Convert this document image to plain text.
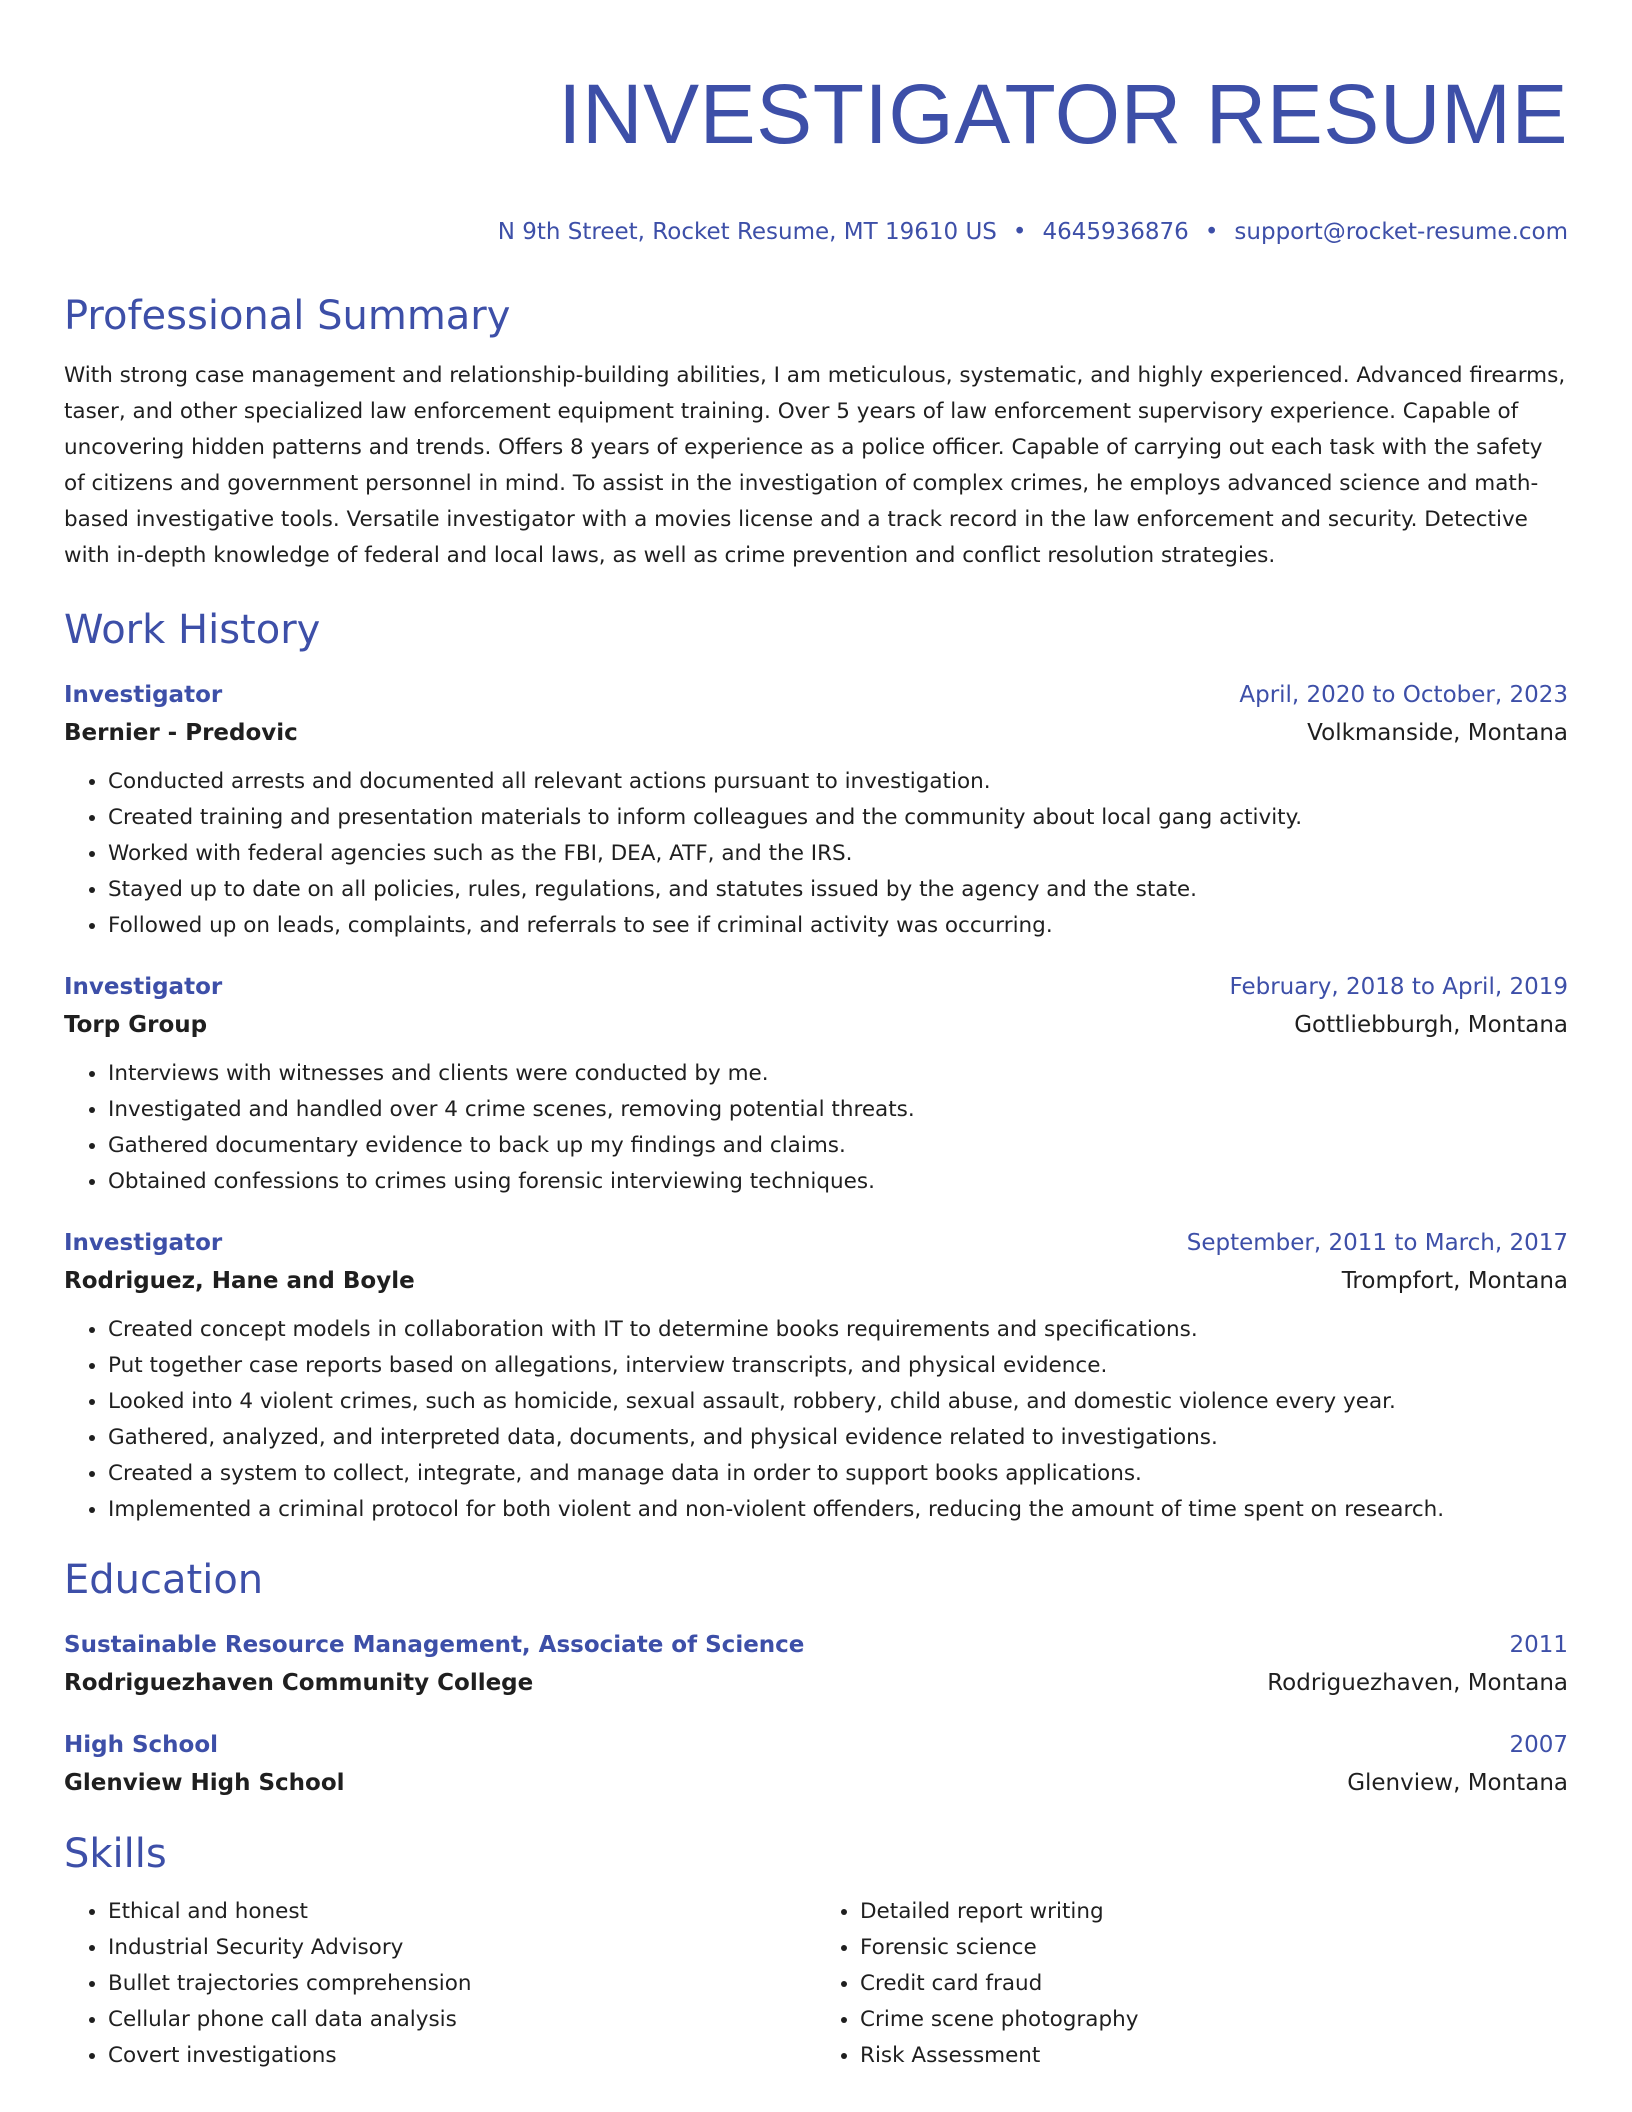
INVESTIGATOR RESUME
N 9th Street, Rocket Resume, MT 19610 US • 4645936876 • support@rocket-resume.com
Professional Summary
With strong case management and relationship-building abilities, I am meticulous, systematic, and highly experienced. Advanced firearms, taser, and other specialized law enforcement equipment training. Over 5 years of law enforcement supervisory experience. Capable of uncovering hidden patterns and trends. Offers 8 years of experience as a police officer. Capable of carrying out each task with the safety of citizens and government personnel in mind. To assist in the investigation of complex crimes, he employs advanced science and math-based investigative tools. Versatile investigator with a movies license and a track record in the law enforcement and security. Detective with in-depth knowledge of federal and local laws, as well as crime prevention and conflict resolution strategies.
Work History
Investigator	April, 2020 to October, 2023
Bernier - Predovic	Volkmanside, Montana
• Conducted arrests and documented all relevant actions pursuant to investigation.
• Created training and presentation materials to inform colleagues and the community about local gang activity.
• Worked with federal agencies such as the FBI, DEA, ATF, and the IRS.
• Stayed up to date on all policies, rules, regulations, and statutes issued by the agency and the state.
• Followed up on leads, complaints, and referrals to see if criminal activity was occurring.
Investigator	February, 2018 to April, 2019
Torp Group	Gottliebburgh, Montana
• Interviews with witnesses and clients were conducted by me.
• Investigated and handled over 4 crime scenes, removing potential threats.
• Gathered documentary evidence to back up my findings and claims.
• Obtained confessions to crimes using forensic interviewing techniques.
Investigator	September, 2011 to March, 2017
Rodriguez, Hane and Boyle	Trompfort, Montana
• Created concept models in collaboration with IT to determine books requirements and specifications.
• Put together case reports based on allegations, interview transcripts, and physical evidence.
• Looked into 4 violent crimes, such as homicide, sexual assault, robbery, child abuse, and domestic violence every year.
• Gathered, analyzed, and interpreted data, documents, and physical evidence related to investigations.
• Created a system to collect, integrate, and manage data in order to support books applications.
• Implemented a criminal protocol for both violent and non-violent offenders, reducing the amount of time spent on research.
Education
Sustainable Resource Management, Associate of Science	2011
Rodriguezhaven Community College	Rodriguezhaven, Montana
High School	2007
Glenview High School	Glenview, Montana
Skills
• Ethical and honest
• Industrial Security Advisory
• Bullet trajectories comprehension
• Cellular phone call data analysis
• Covert investigations
• Detailed report writing
• Forensic science
• Credit card fraud
• Crime scene photography
• Risk Assessment
